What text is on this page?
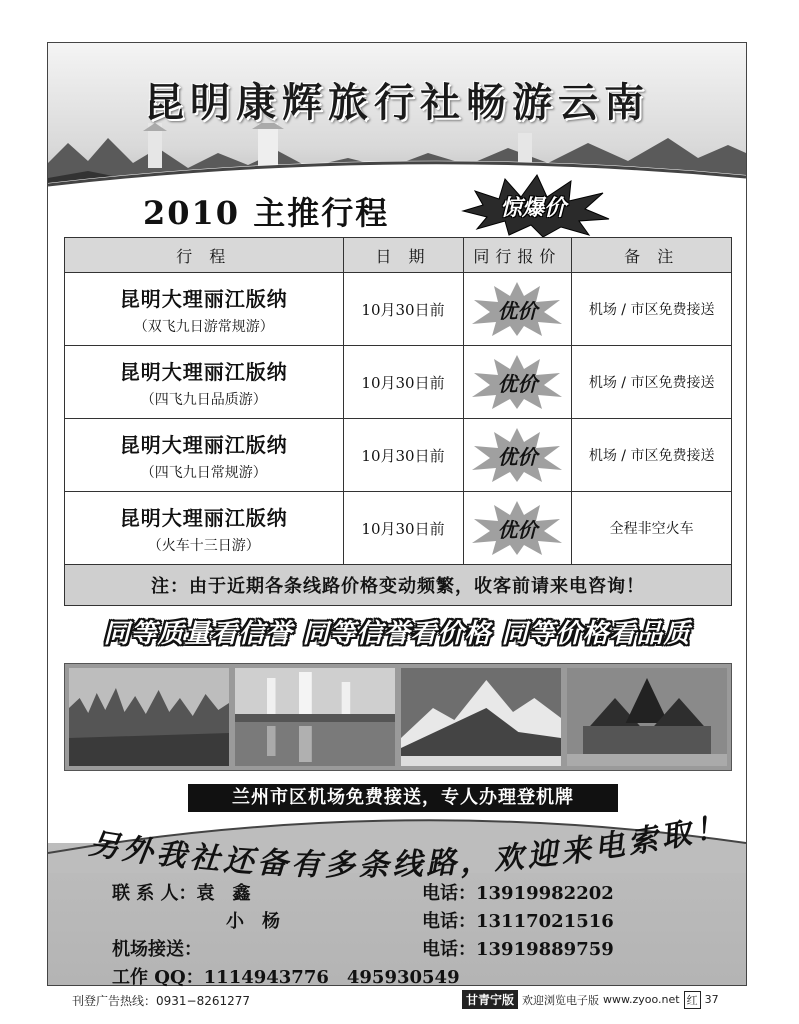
昆明康辉旅行社畅游云南
2010 主推行程	惊爆价
行 程	日 期	同行报价	备 注

昆明大理丽江版纳
（双飞九日游常规游）	10月30日前	优价	机场 / 市区免费接送

昆明大理丽江版纳
（四飞九日品质游）	10月30日前	优价	机场 / 市区免费接送

昆明大理丽江版纳
（四飞九日常规游）	10月30日前	优价	机场 / 市区免费接送

昆明大理丽江版纳
（火车十三日游）	10月30日前	优价	全程非空火车
注：由于近期各条线路价格变动频繁，收客前请来电咨询！			
同等质量看信誉 同等信誉看价格 同等价格看品质
兰州市区机场免费接送，专人办理登机牌
另外我社还备有多条线路，欢迎来电索取！
联 系 人：袁　鑫	电话：13919982202
小　杨	电话：13117021516
机场接送：	电话：13919889759
工作 QQ：1114943776　495930549
刊登广告热线：0931−8261277	甘青宁版 欢迎浏览电子版 www.zyoo.net 红 37
